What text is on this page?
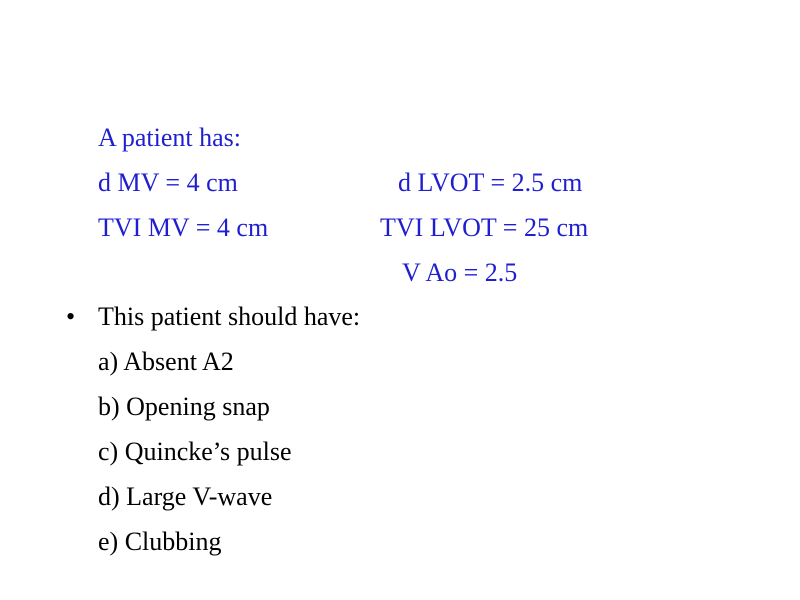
A patient has:
d MV = 4 cm	d LVOT = 2.5 cm
TVI MV = 4 cm	TVI LVOT = 25 cm
V Ao = 2.5
• This patient should have:
a) Absent A2
b) Opening snap
c) Quincke’s pulse
d) Large V-wave
e) Clubbing
